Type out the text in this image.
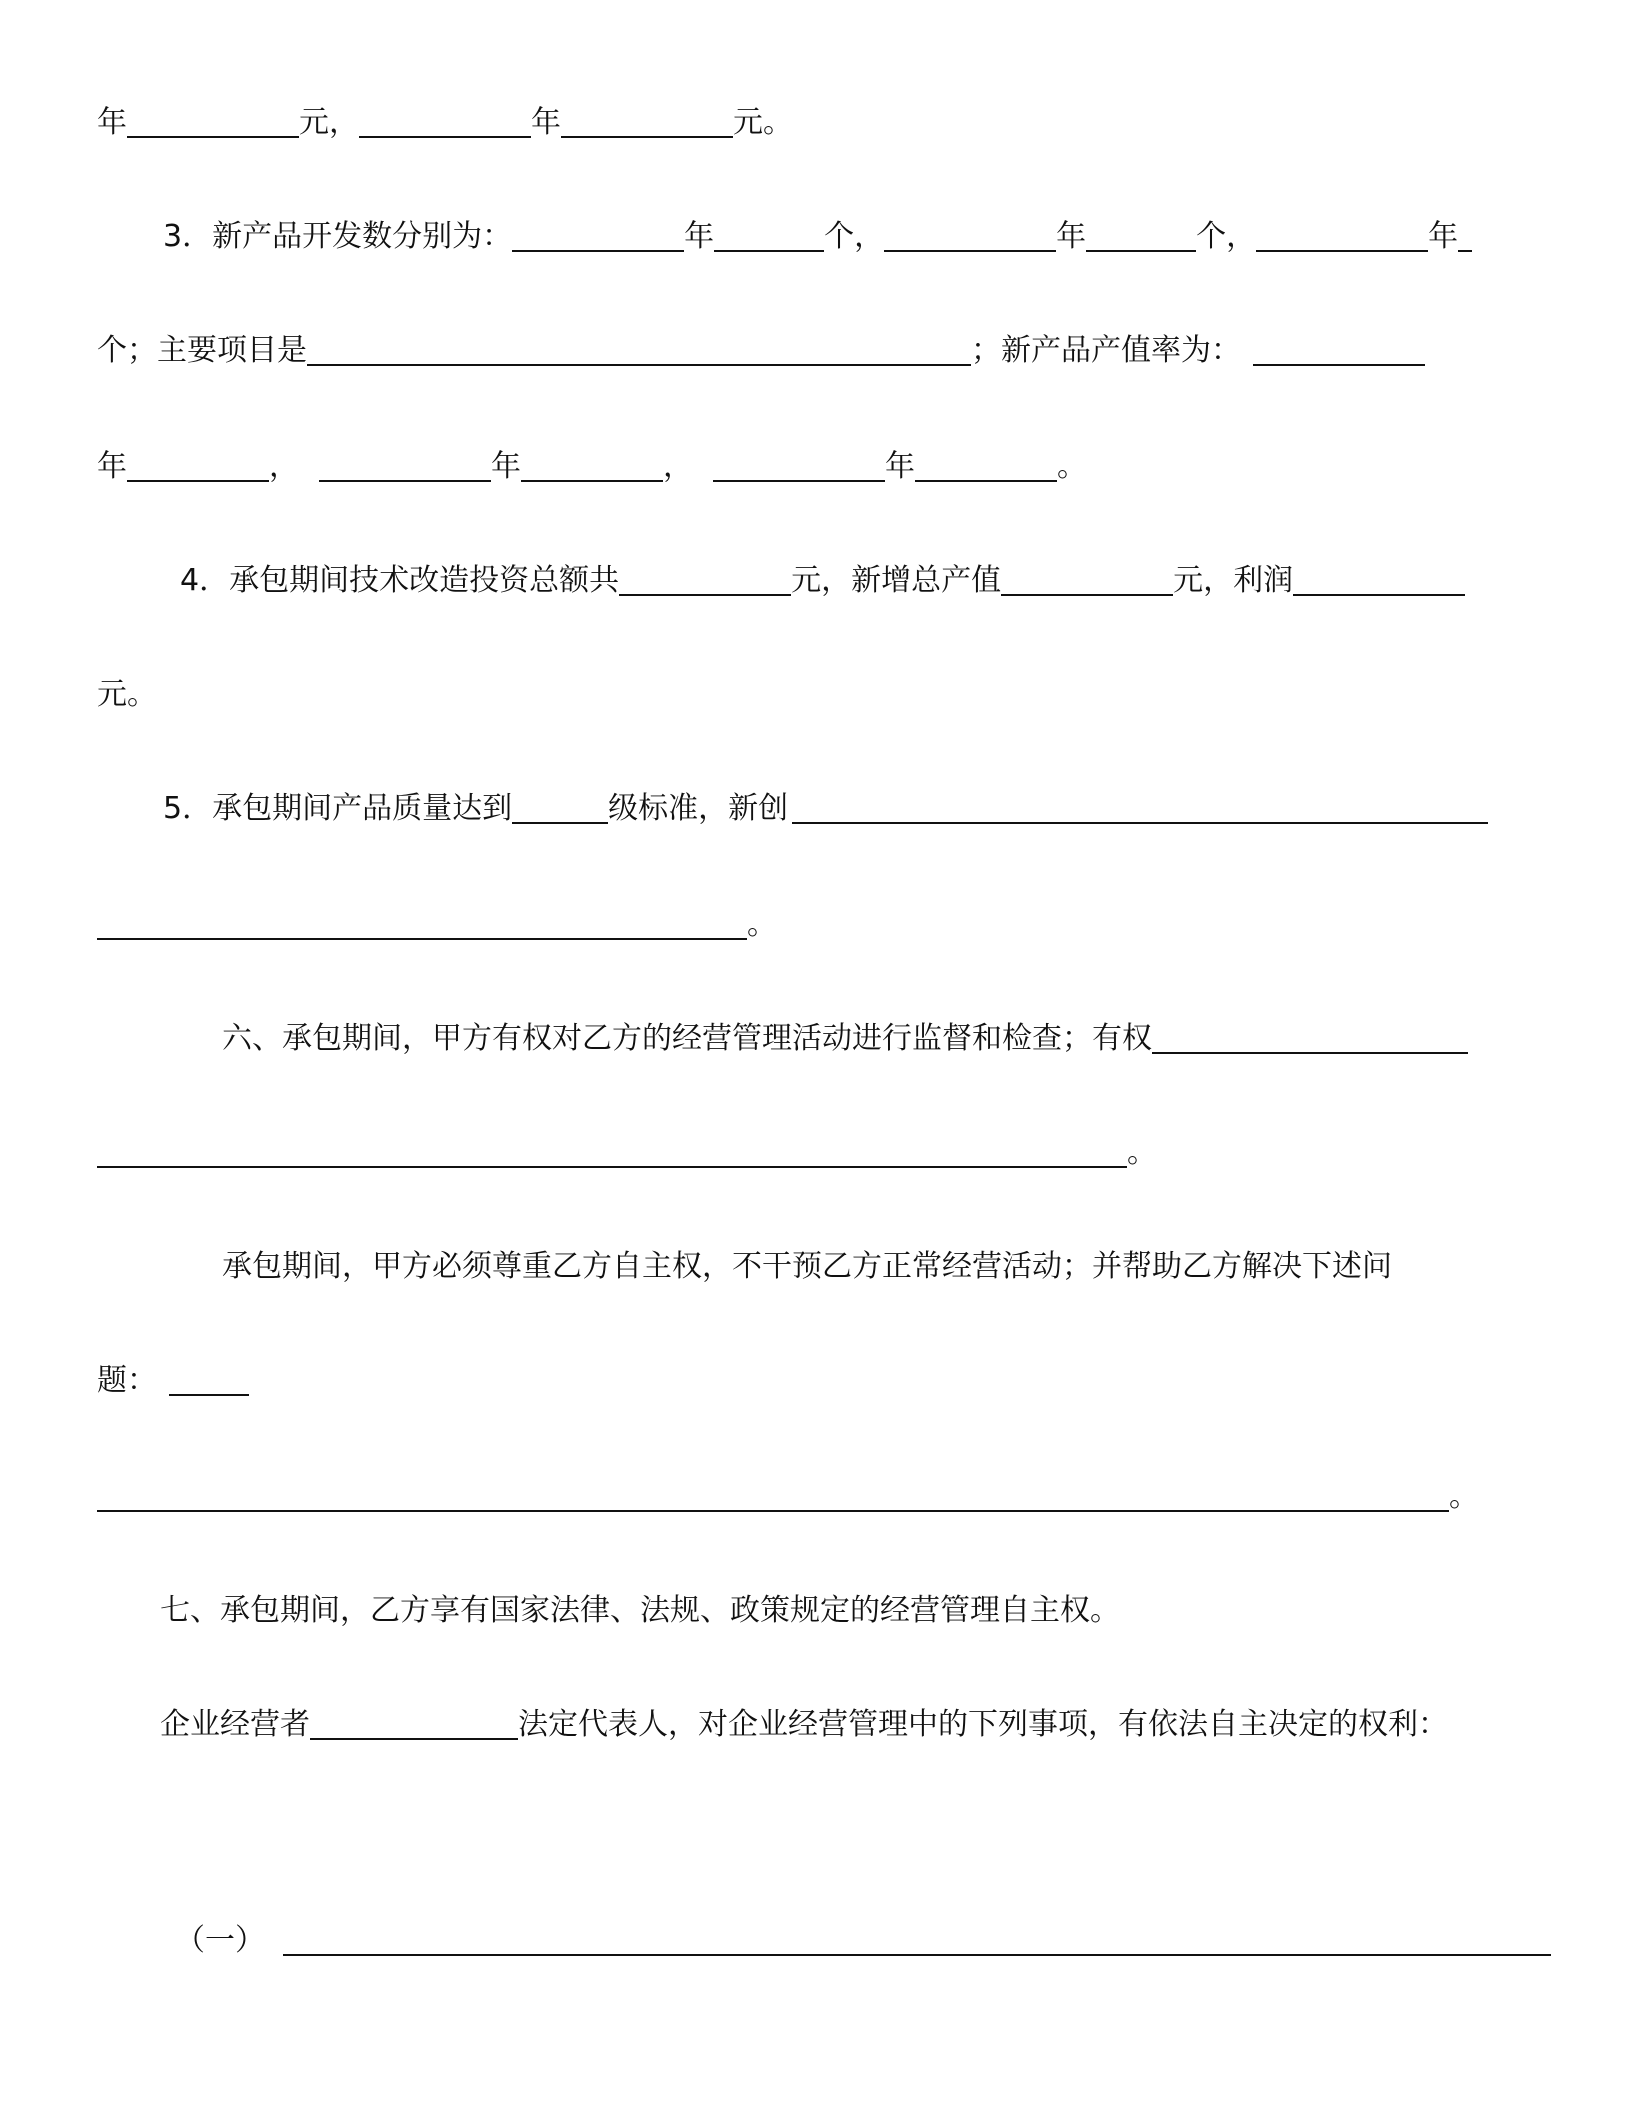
年	元，	年	元。
3．新产品开发数分别为：	年	个，	年	个，	年
个；主要项目是	；新产品产值率为：
年	，	年	，	年	。
4．承包期间技术改造投资总额共	元，新增总产值	元，利润
元。
5．承包期间产品质量达到	级标准，新创
。
六、承包期间，甲方有权对乙方的经营管理活动进行监督和检查；有权
。
承包期间，甲方必须尊重乙方自主权，不干预乙方正常经营活动；并帮助乙方解决下述问
题：
。
七、承包期间，乙方享有国家法律、法规、政策规定的经营管理自主权。
企业经营者	法定代表人，对企业经营管理中的下列事项，有依法自主决定的权利：
（一）
